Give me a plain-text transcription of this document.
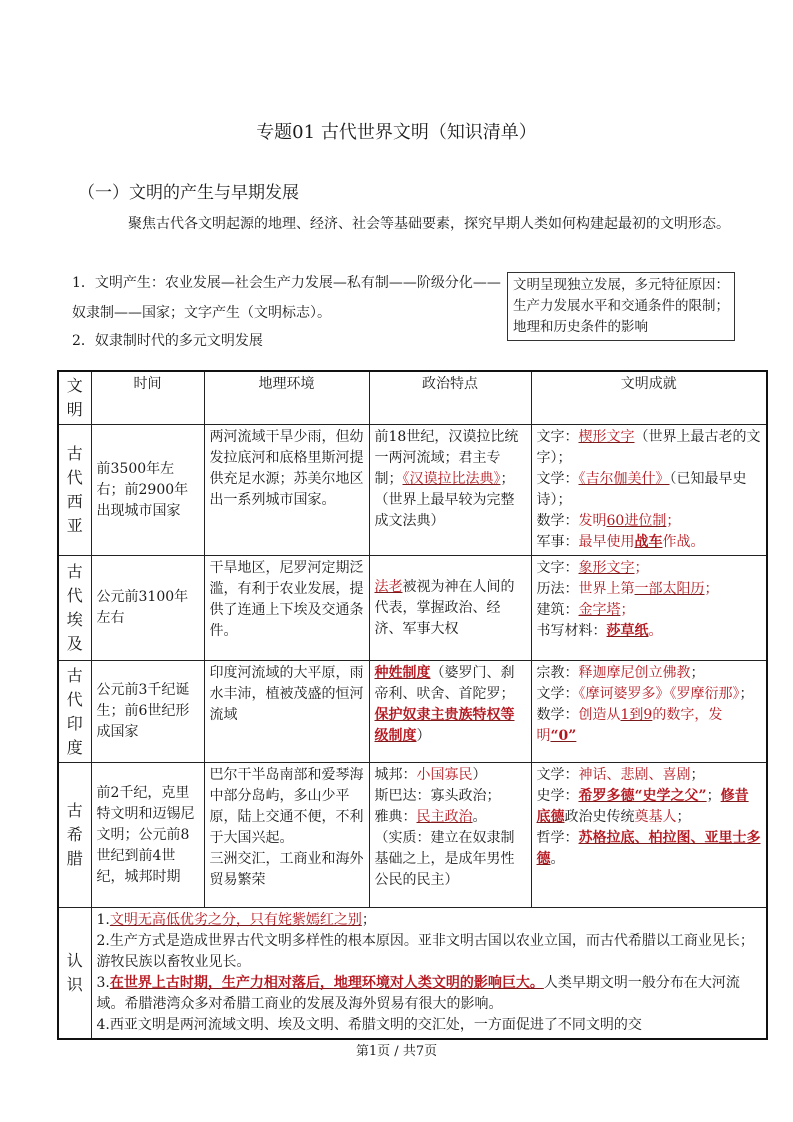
专题01 古代世界文明（知识清单）
（一）文明的产生与早期发展
聚焦古代各文明起源的地理、经济、社会等基础要素，探究早期人类如何构建起最初的文明形态。
1．文明产生：农业发展—社会生产力发展—私有制——阶级分化——奴隶制——国家；文字产生（文明标志）。
文明呈现独立发展，多元特征原因：生产力发展水平和交通条件的限制；地理和历史条件的影响
2．奴隶制时代的多元文明发展
文明	时间	地理环境	政治特点	文明成就
古代西亚	前3500年左右；前2900年出现城市国家	两河流域干旱少雨，但幼发拉底河和底格里斯河提供充足水源；苏美尔地区出一系列城市国家。	前18世纪，汉谟拉比统一两河流域；君主专制；《汉谟拉比法典》；（世界上最早较为完整成文法典）	文字：楔形文字（世界上最古老的文字）；
文学：《吉尔伽美什》（已知最早史诗）；
数学：发明60进位制；
军事：最早使用战车作战。
古代埃及	公元前3100年左右	干旱地区，尼罗河定期泛滥，有利于农业发展，提供了连通上下埃及交通条件。	法老被视为神在人间的代表，掌握政治、经济、军事大权	文字：象形文字；
历法：世界上第一部太阳历；
建筑：金字塔；
书写材料：莎草纸。
古代印度	公元前3千纪诞生；前6世纪形成国家	印度河流域的大平原，雨水丰沛，植被茂盛的恒河流域	种姓制度（婆罗门、刹帝利、吠舍、首陀罗；保护奴隶主贵族特权等级制度）	宗教：释迦摩尼创立佛教；
文学：《摩诃婆罗多》《罗摩衍那》；
数学：创造从1到9的数字，发明“0”
古希腊	前2千纪，克里特文明和迈锡尼文明；公元前8世纪到前4世纪，城邦时期	巴尔干半岛南部和爱琴海中部分岛屿，多山少平原，陆上交通不便，不利于大国兴起。
三洲交汇，工商业和海外贸易繁荣	城邦：小国寡民）
斯巴达：寡头政治；
雅典：民主政治。
（实质：建立在奴隶制基础之上，是成年男性公民的民主）	文学：神话、悲剧、喜剧；
史学：希罗多德“史学之父”；修昔底德政治史传统奠基人；
哲学：苏格拉底、柏拉图、亚里士多德。
认识	1.文明无高低优劣之分，只有姹紫嫣红之别；
2.生产方式是造成世界古代文明多样性的根本原因。亚非文明古国以农业立国，而古代希腊以工商业见长；游牧民族以畜牧业见长。
3.在世界上古时期，生产力相对落后，地理环境对人类文明的影响巨大。人类早期文明一般分布在大河流域。希腊港湾众多对希腊工商业的发展及海外贸易有很大的影响。
4.西亚文明是两河流域文明、埃及文明、希腊文明的交汇处，一方面促进了不同文明的交			
第1页 / 共7页
